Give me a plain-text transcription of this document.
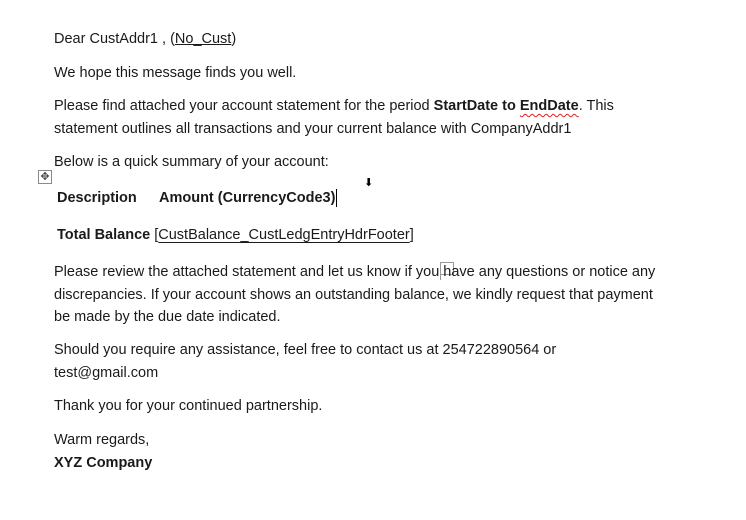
✥
⬇
Dear CustAddr1 , (No_Cust)
We hope this message finds you well.
Please find attached your account statement for the period StartDate to EndDate. This
statement outlines all transactions and your current balance with CompanyAddr1
Below is a quick summary of your account:
Description Amount (CurrencyCode3)
Total Balance [CustBalance_CustLedgEntryHdrFooter]
Please review the attached statement and let us know if you have any questions or notice any
discrepancies. If your account shows an outstanding balance, we kindly request that payment
be made by the due date indicated.
Should you require any assistance, feel free to contact us at 254722890564 or
test@gmail.com
Thank you for your continued partnership.
Warm regards,
XYZ Company
